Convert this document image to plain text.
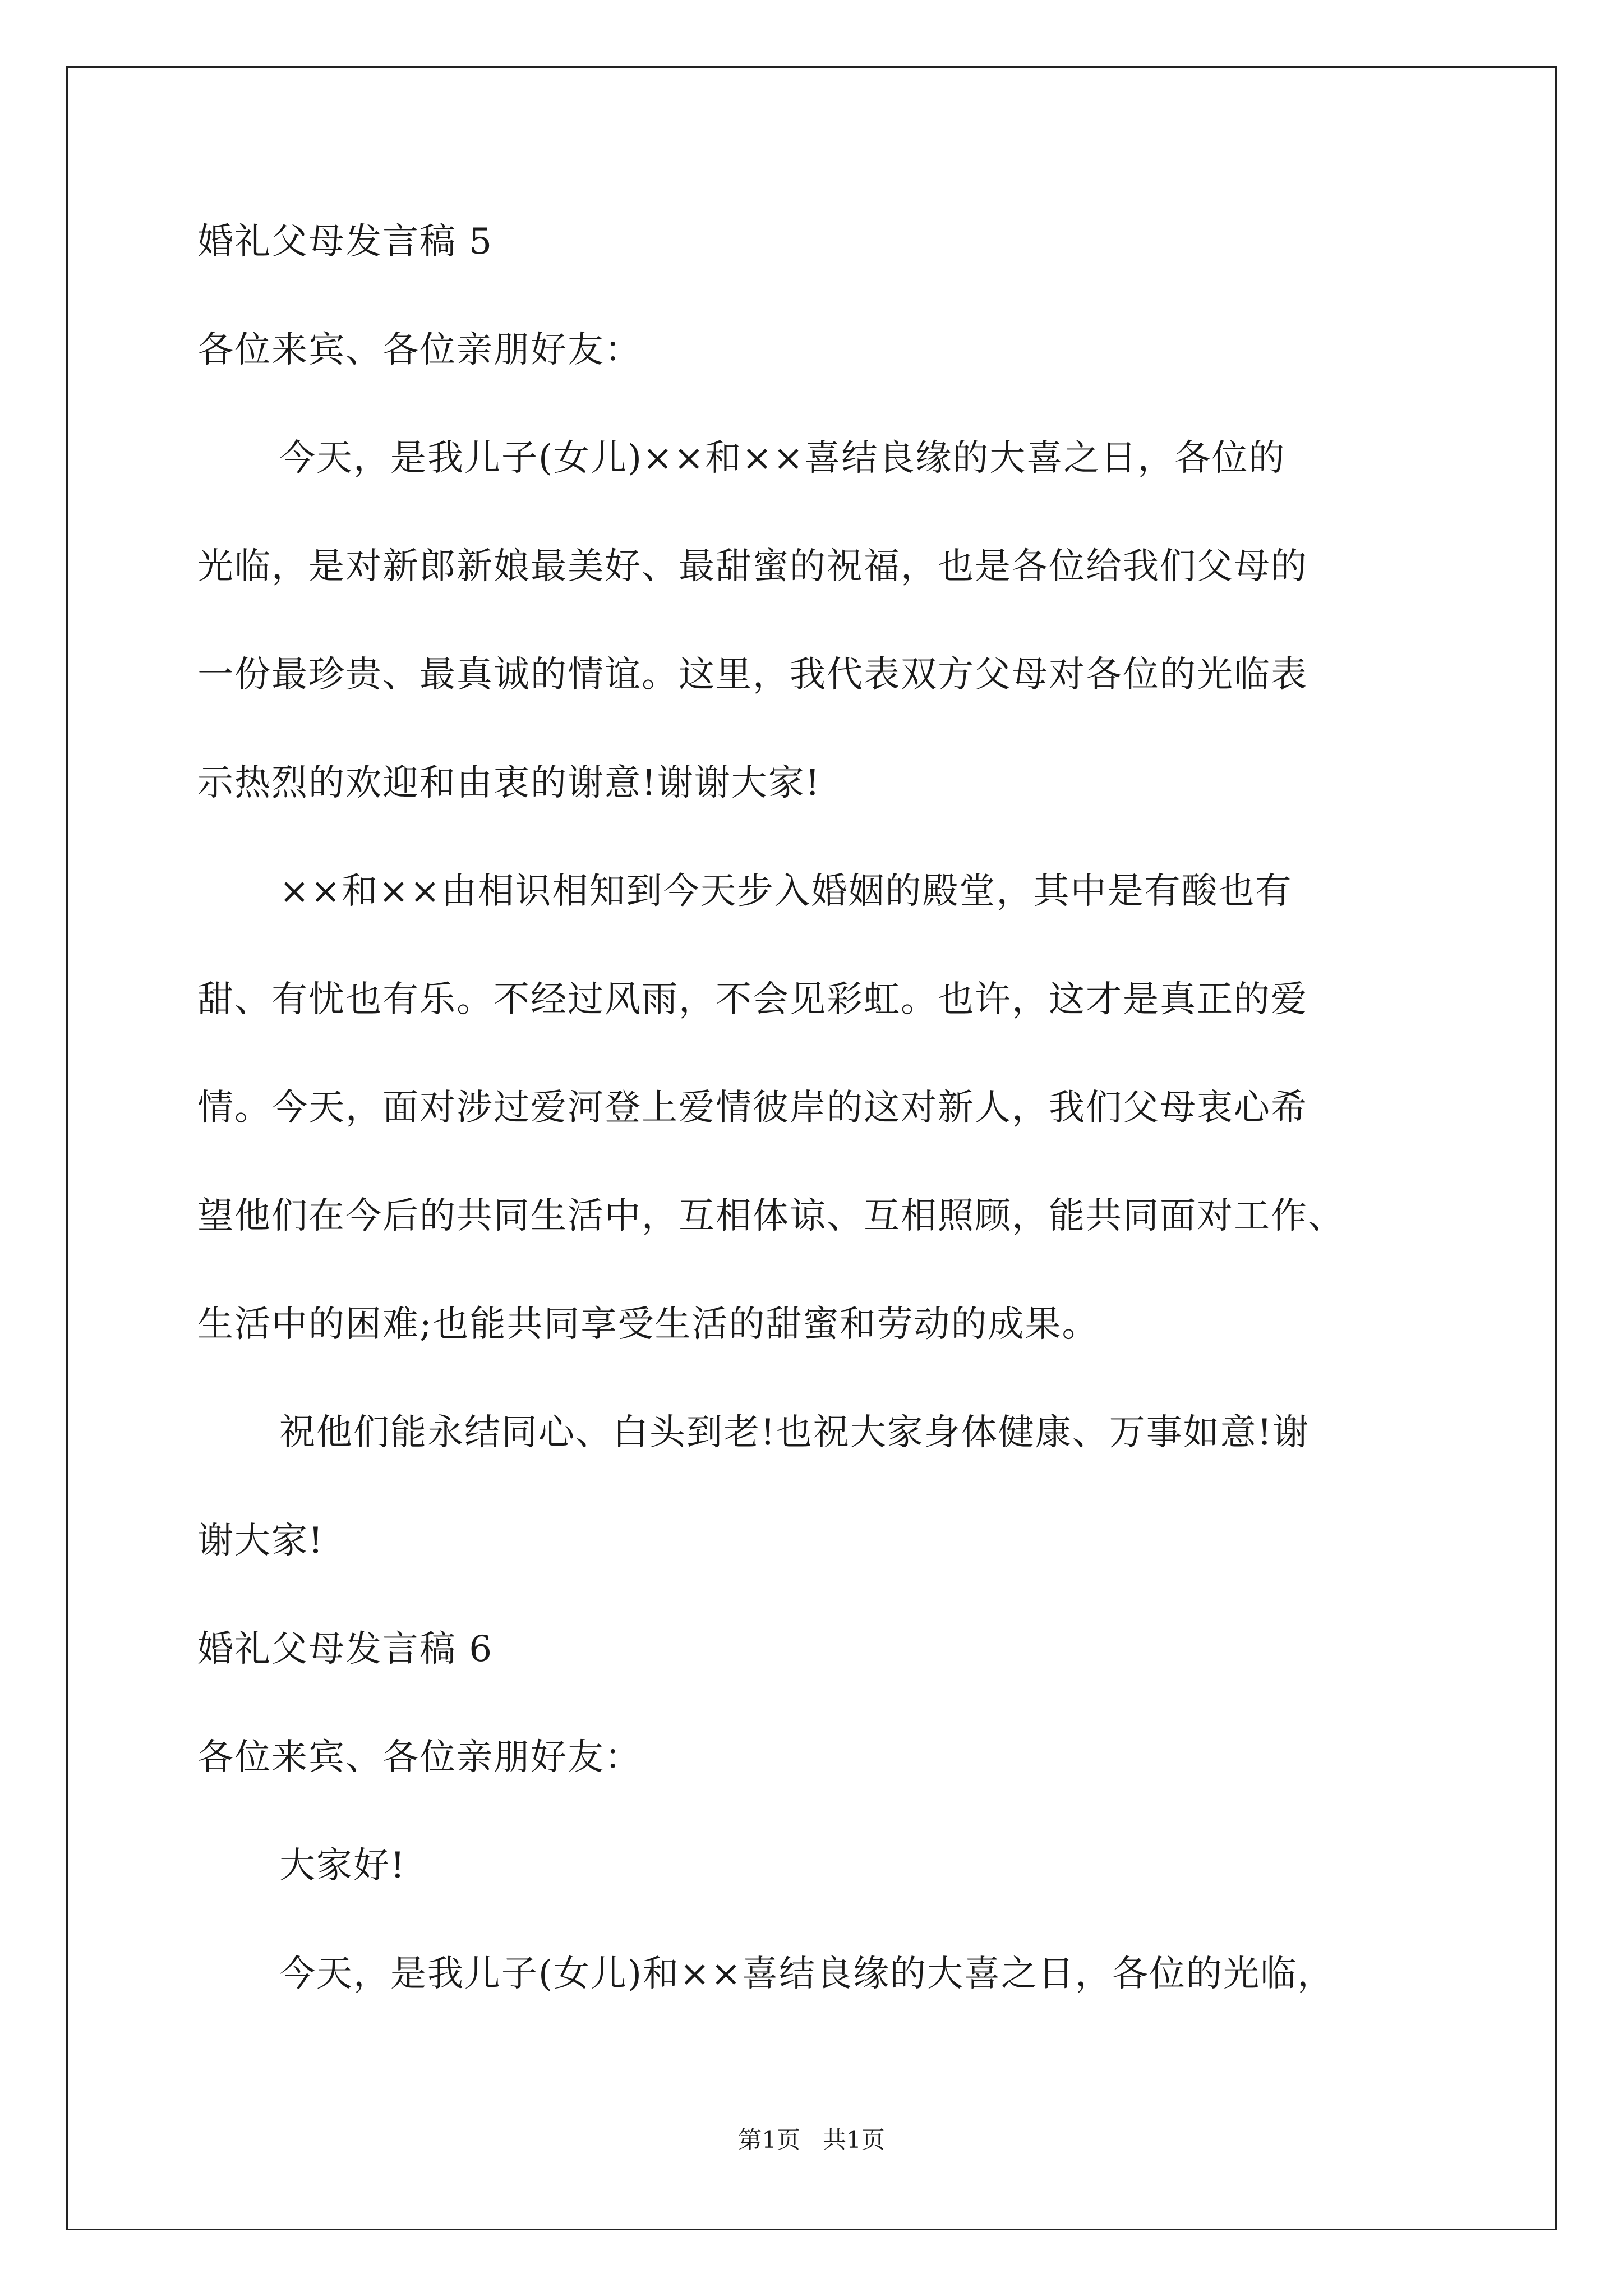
婚礼父母发言稿 5
各位来宾、各位亲朋好友：
今天，是我儿子(女儿)××和××喜结良缘的大喜之日，各位的
光临，是对新郎新娘最美好、最甜蜜的祝福，也是各位给我们父母的
一份最珍贵、最真诚的情谊。这里，我代表双方父母对各位的光临表
示热烈的欢迎和由衷的谢意!谢谢大家!
××和××由相识相知到今天步入婚姻的殿堂，其中是有酸也有
甜、有忧也有乐。不经过风雨，不会见彩虹。也许，这才是真正的爱
情。今天，面对涉过爱河登上爱情彼岸的这对新人，我们父母衷心希
望他们在今后的共同生活中，互相体谅、互相照顾，能共同面对工作、
生活中的困难;也能共同享受生活的甜蜜和劳动的成果。
祝他们能永结同心、白头到老!也祝大家身体健康、万事如意!谢
谢大家!
婚礼父母发言稿 6
各位来宾、各位亲朋好友：
大家好!
今天，是我儿子(女儿)和××喜结良缘的大喜之日，各位的光临，
第1页   共1页
